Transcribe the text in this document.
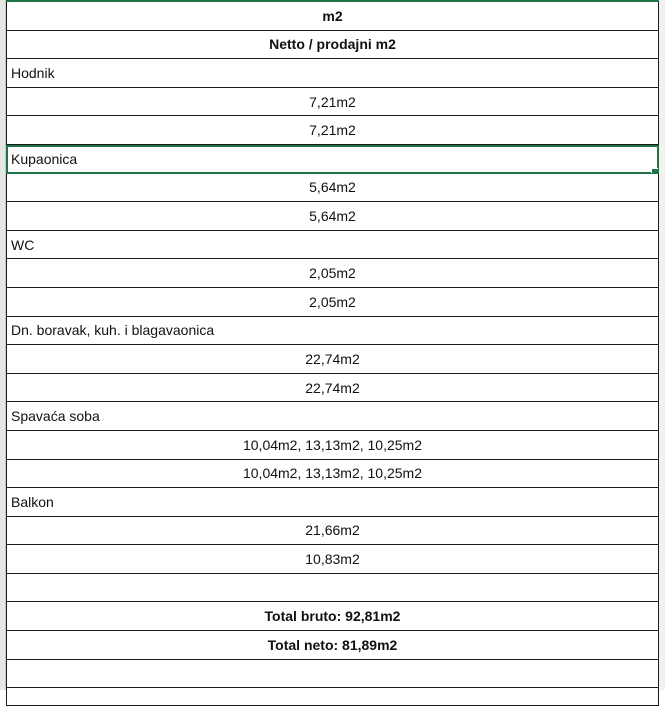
m2
Netto / prodajni m2
Hodnik
7,21m2
7,21m2
Kupaonica
5,64m2
5,64m2
WC
2,05m2
2,05m2
Dn. boravak, kuh. i blagavaonica
22,74m2
22,74m2
Spavaća soba
10,04m2, 13,13m2, 10,25m2
10,04m2, 13,13m2, 10,25m2
Balkon
21,66m2
10,83m2
Total bruto: 92,81m2
Total neto: 81,89m2
